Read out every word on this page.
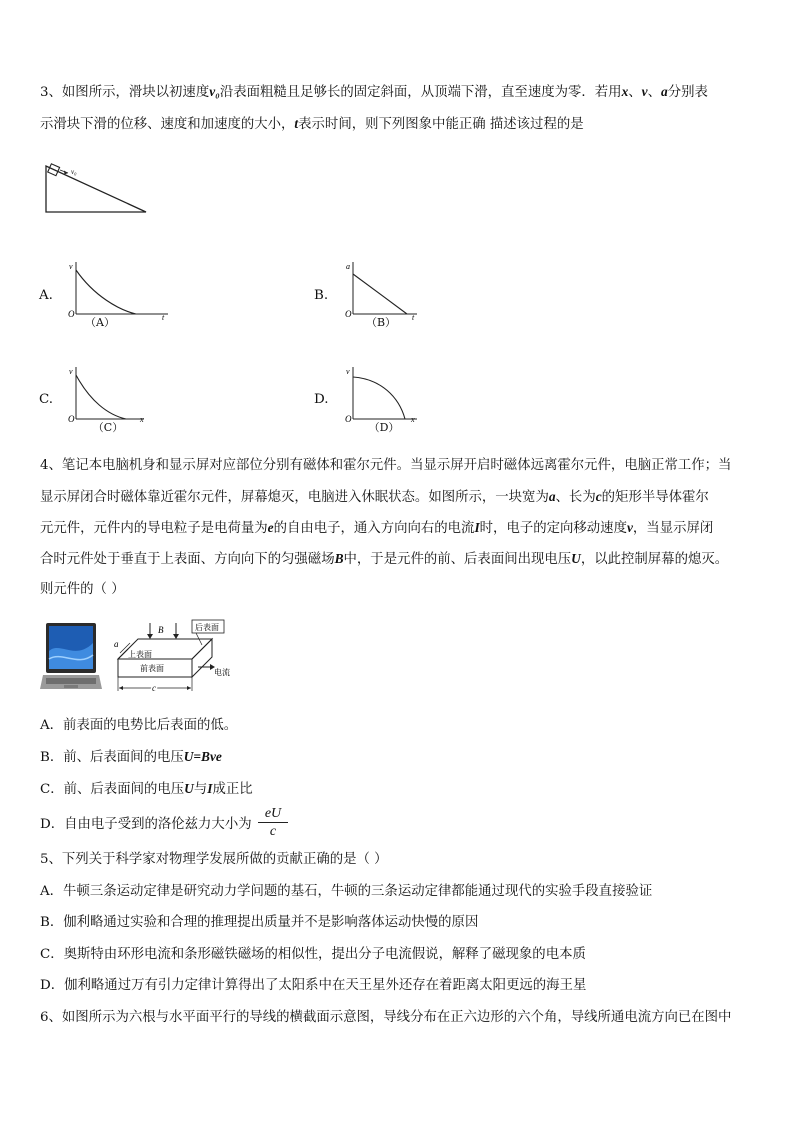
3、如图所示，滑块以初速度v₀沿表面粗糙且足够长的固定斜面，从顶端下滑，直至速度为零．若用x、v、a分别表
示滑块下滑的位移、速度和加速度的大小，t表示时间，则下列图象中能正确 描述该过程的是
v₀
A.
v
O	t
（A）
B.
a
O	t
（B）
C.
v
O	x
（C）
D.
v
O	x
（D）
4、笔记本电脑机身和显示屏对应部位分别有磁体和霍尔元件。当显示屏开启时磁体远离霍尔元件，电脑正常工作；当
显示屏闭合时磁体靠近霍尔元件，屏幕熄灭，电脑进入休眠状态。如图所示，一块宽为a、长为c的矩形半导体霍尔
元元件，元件内的导电粒子是电荷量为e的自由电子，通入方向向右的电流I时，电子的定向移动速度v，当显示屏闭
合时元件处于垂直于上表面、方向向下的匀强磁场B中，于是元件的前、后表面间出现电压U，以此控制屏幕的熄灭。
则元件的（ ）
a
B	后表面
上表面
前表面
c
电流
A．前表面的电势比后表面的低。
B．前、后表面间的电压U=Bve
C．前、后表面间的电压U与I成正比
D．自由电子受到的洛伦兹力大小为 $\frac{eU}{c}$
5、下列关于科学家对物理学发展所做的贡献正确的是（ ）
A．牛顿三条运动定律是研究动力学问题的基石，牛顿的三条运动定律都能通过现代的实验手段直接验证
B．伽利略通过实验和合理的推理提出质量并不是影响落体运动快慢的原因
C．奥斯特由环形电流和条形磁铁磁场的相似性，提出分子电流假说，解释了磁现象的电本质
D．伽利略通过万有引力定律计算得出了太阳系中在天王星外还存在着距离太阳更远的海王星
6、如图所示为六根与水平面平行的导线的横截面示意图，导线分布在正六边形的六个角，导线所通电流方向已在图中
